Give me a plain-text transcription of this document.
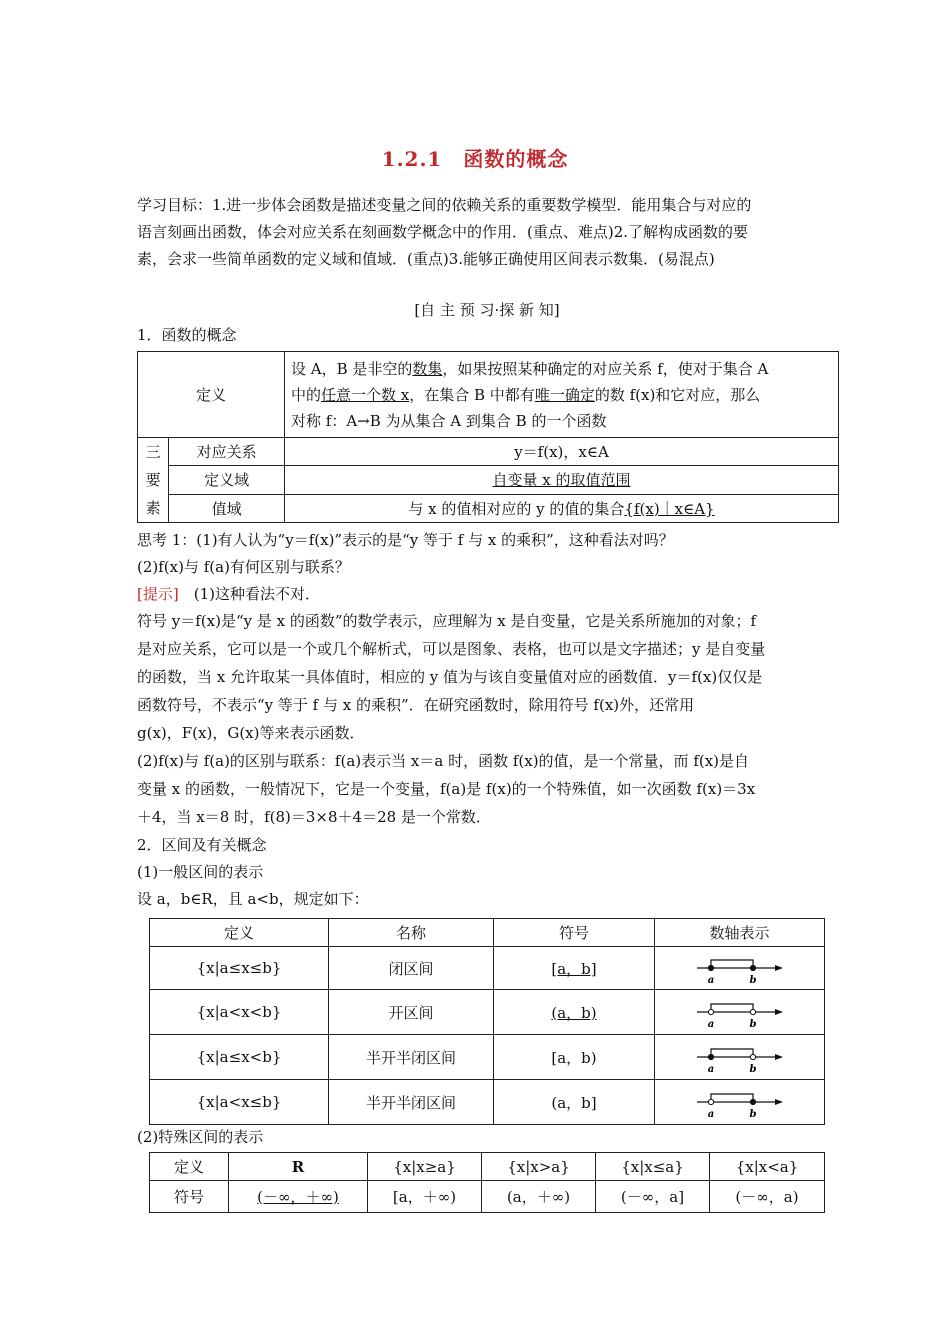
1.2.1　函数的概念
学习目标：1.进一步体会函数是描述变量之间的依赖关系的重要数学模型．能用集合与对应的
语言刻画出函数，体会对应关系在刻画数学概念中的作用．(重点、难点)2.了解构成函数的要
素，会求一些简单函数的定义域和值域．(重点)3.能够正确使用区间表示数集．(易混点)
[自 主 预 习·探 新 知]
1．函数的概念
定义		设 A，B 是非空的数集，如果按照某种确定的对应关系 f，使对于集合 A
中的任意一个数 x，在集合 B 中都有唯一确定的数 f(x)和它对应，那么
对称 f：A→B 为从集合 A 到集合 B 的一个函数

三要素	对应关系	y＝f(x)，x∈A
	定义域	自变量 x 的取值范围
	值域	与 x 的值相对应的 y 的值的集合{f(x)｜x∈A}
思考 1：(1)有人认为“y＝f(x)”表示的是“y 等于 f 与 x 的乘积”，这种看法对吗？
(2)f(x)与 f(a)有何区别与联系？
[提示]　(1)这种看法不对．
符号 y＝f(x)是“y 是 x 的函数”的数学表示，应理解为 x 是自变量，它是关系所施加的对象；f
是对应关系，它可以是一个或几个解析式，可以是图象、表格，也可以是文字描述；y 是自变量
的函数，当 x 允许取某一具体值时，相应的 y 值为与该自变量值对应的函数值．y＝f(x)仅仅是
函数符号，不表示“y 等于 f 与 x 的乘积”．在研究函数时，除用符号 f(x)外，还常用
g(x)，F(x)，G(x)等来表示函数．
(2)f(x)与 f(a)的区别与联系：f(a)表示当 x＝a 时，函数 f(x)的值，是一个常量，而 f(x)是自
变量 x 的函数，一般情况下，它是一个变量，f(a)是 f(x)的一个特殊值，如一次函数 f(x)＝3x
＋4，当 x＝8 时，f(8)＝3×8＋4＝28 是一个常数．
2．区间及有关概念
(1)一般区间的表示
设 a，b∈R，且 a<b，规定如下：
定义	名称	符号	数轴表示
{x|a≤x≤b}	闭区间	[a，b]	a b

{x|a<x<b}	开区间	(a，b)	a b

{x|a≤x<b}	半开半闭区间	[a，b)	a b

{x|a<x≤b}	半开半闭区间	(a，b]	a b
(2)特殊区间的表示
定义	R	{x|x≥a}	{x|x>a}	{x|x≤a}	{x|x<a}
符号	(－∞，＋∞)	[a，＋∞)	(a，＋∞)	(－∞，a]	(－∞，a)
